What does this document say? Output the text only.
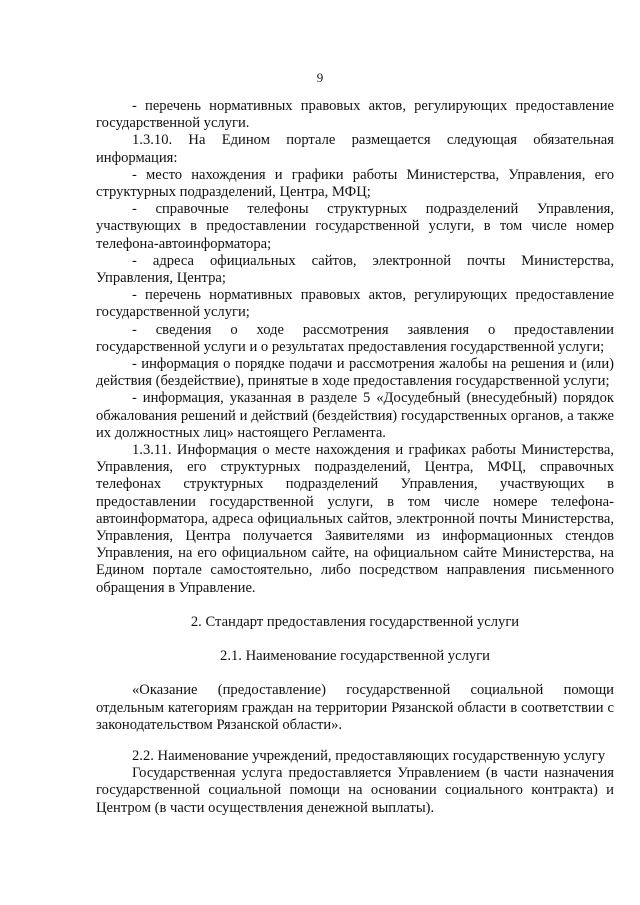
9

- перечень нормативных правовых актов, регулирующих предоставление государственной услуги.

1.3.10. На Едином портале размещается следующая обязательная информация:

- место нахождения и графики работы Министерства, Управления, его структурных подразделений, Центра, МФЦ;

- справочные телефоны структурных подразделений Управления, участвующих в предоставлении государственной услуги, в том числе номер телефона-автоинформатора;

- адреса официальных сайтов, электронной почты Министерства, Управления, Центра;

- перечень нормативных правовых актов, регулирующих предоставление государственной услуги;

- сведения о ходе рассмотрения заявления о предоставлении государственной услуги и о результатах предоставления государственной услуги;

- информация о порядке подачи и рассмотрения жалобы на решения и (или) действия (бездействие), принятые в ходе предоставления государственной услуги;

- информация, указанная в разделе 5 «Досудебный (внесудебный) порядок обжалования решений и действий (бездействия) государственных органов, а также их должностных лиц» настоящего Регламента.

1.3.11. Информация о месте нахождения и графиках работы Министерства, Управления, его структурных подразделений, Центра, МФЦ, справочных телефонах структурных подразделений Управления, участвующих в предоставлении государственной услуги, в том числе номере телефона-автоинформатора, адреса официальных сайтов, электронной почты Министерства, Управления, Центра получается Заявителями из информационных стендов Управления, на его официальном сайте, на официальном сайте Министерства, на Едином портале самостоятельно, либо посредством направления письменного обращения в Управление.

2. Стандарт предоставления государственной услуги

2.1. Наименование государственной услуги

«Оказание (предоставление) государственной социальной помощи отдельным категориям граждан на территории Рязанской области в соответствии с законодательством Рязанской области».

2.2. Наименование учреждений, предоставляющих государственную услугу

Государственная услуга предоставляется Управлением (в части назначения государственной социальной помощи на основании социального контракта) и Центром (в части осуществления денежной выплаты).
